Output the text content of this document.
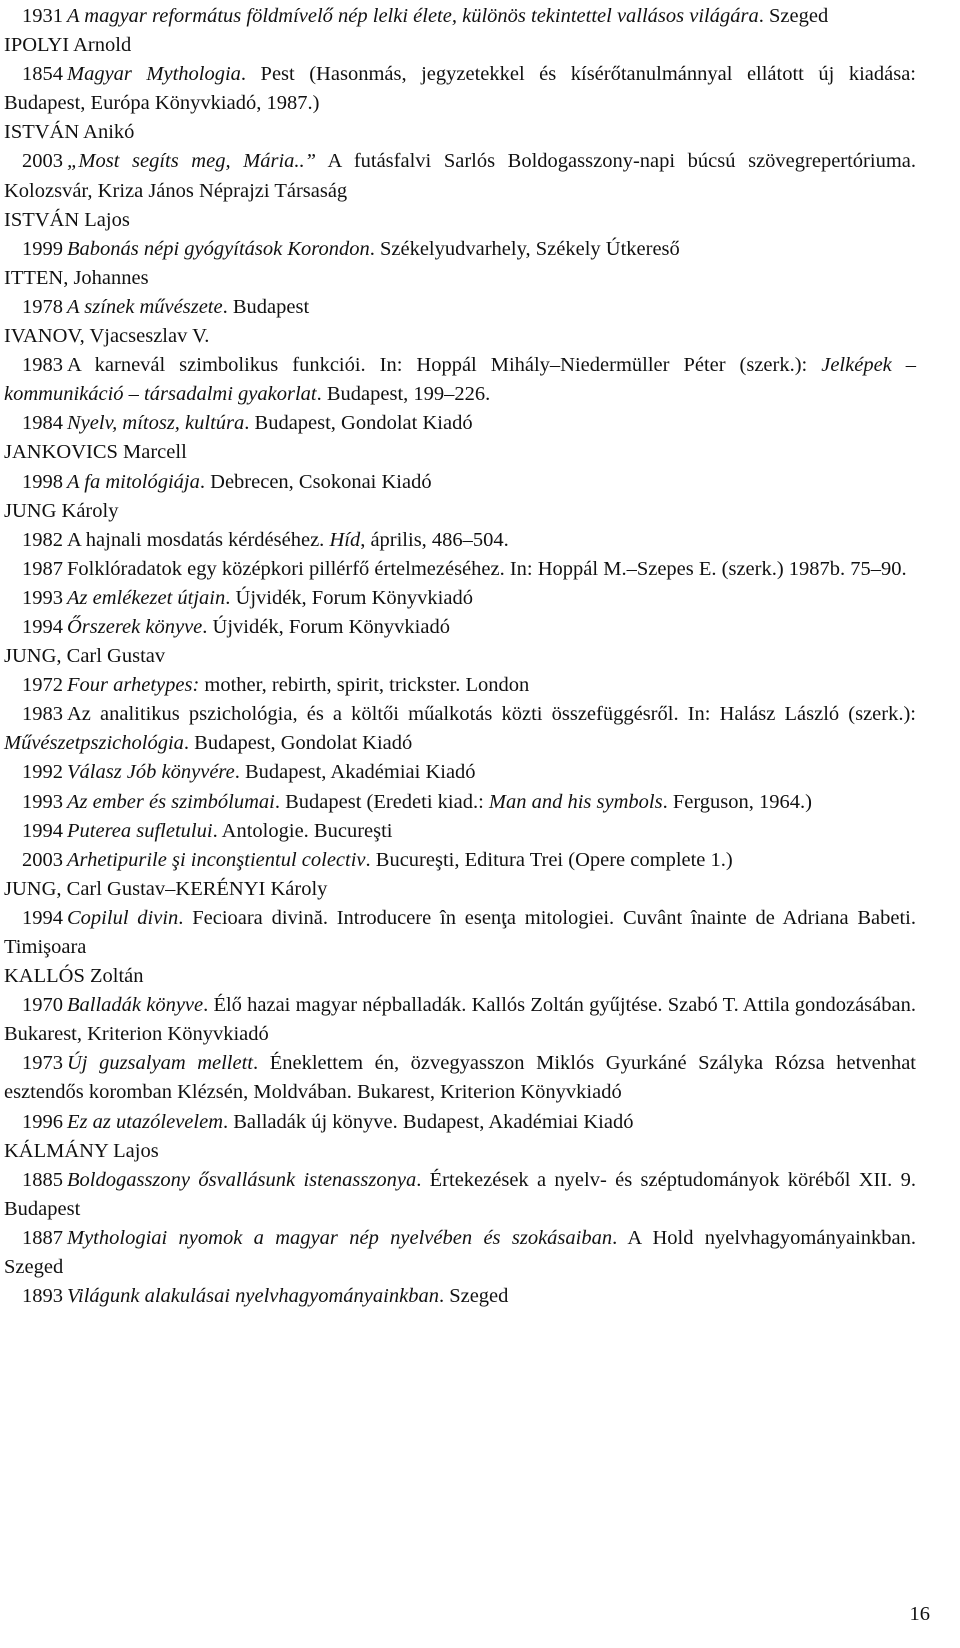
1931 A magyar református földmívelő nép lelki élete, különös tekintettel vallásos világára. Szeged
IPOLYI Arnold
1854 Magyar Mythologia. Pest (Hasonmás, jegyzetekkel és kísérőtanulmánnyal ellátott új kiadása: Budapest, Európa Könyvkiadó, 1987.)
ISTVÁN Anikó
2003 „Most segíts meg, Mária..” A futásfalvi Sarlós Boldogasszony-napi búcsú szövegrepertóriuma. Kolozsvár, Kriza János Néprajzi Társaság
ISTVÁN Lajos
1999 Babonás népi gyógyítások Korondon. Székelyudvarhely, Székely Útkereső
ITTEN, Johannes
1978 A színek művészete. Budapest
IVANOV, Vjacseszlav V.
1983 A karnevál szimbolikus funkciói. In: Hoppál Mihály–Niedermüller Péter (szerk.): Jelképek – kommunikáció – társadalmi gyakorlat. Budapest, 199–226.
1984 Nyelv, mítosz, kultúra. Budapest, Gondolat Kiadó
JANKOVICS Marcell
1998 A fa mitológiája. Debrecen, Csokonai Kiadó
JUNG Károly
1982 A hajnali mosdatás kérdéséhez. Híd, április, 486–504.
1987 Folklóradatok egy középkori pillérfő értelmezéséhez. In: Hoppál M.–Szepes E. (szerk.) 1987b. 75–90.
1993 Az emlékezet útjain. Újvidék, Forum Könyvkiadó
1994 Őrszerek könyve. Újvidék, Forum Könyvkiadó
JUNG, Carl Gustav
1972 Four arhetypes: mother, rebirth, spirit, trickster. London
1983 Az analitikus pszichológia, és a költői műalkotás közti összefüggésről. In: Halász László (szerk.): Művészetpszichológia. Budapest, Gondolat Kiadó
1992 Válasz Jób könyvére. Budapest, Akadémiai Kiadó
1993 Az ember és szimbólumai. Budapest (Eredeti kiad.: Man and his symbols. Ferguson, 1964.)
1994 Puterea sufletului. Antologie. Bucureşti
2003 Arhetipurile şi inconştientul colectiv. Bucureşti, Editura Trei (Opere complete 1.)
JUNG, Carl Gustav–KERÉNYI Károly
1994 Copilul divin. Fecioara divină. Introducere în esenţa mitologiei. Cuvânt înainte de Adriana Babeti. Timişoara
KALLÓS Zoltán
1970 Balladák könyve. Élő hazai magyar népballadák. Kallós Zoltán gyűjtése. Szabó T. Attila gondozásában. Bukarest, Kriterion Könyvkiadó
1973 Új guzsalyam mellett. Éneklettem én, özvegyasszon Miklós Gyurkáné Szályka Rózsa hetvenhat esztendős koromban Klézsén, Moldvában. Bukarest, Kriterion Könyvkiadó
1996 Ez az utazólevelem. Balladák új könyve. Budapest, Akadémiai Kiadó
KÁLMÁNY Lajos
1885 Boldogasszony ősvallásunk istenasszonya. Értekezések a nyelv- és széptudományok köréből XII. 9. Budapest
1887 Mythologiai nyomok a magyar nép nyelvében és szokásaiban. A Hold nyelvhagyományainkban. Szeged
1893 Világunk alakulásai nyelvhagyományainkban. Szeged
16
